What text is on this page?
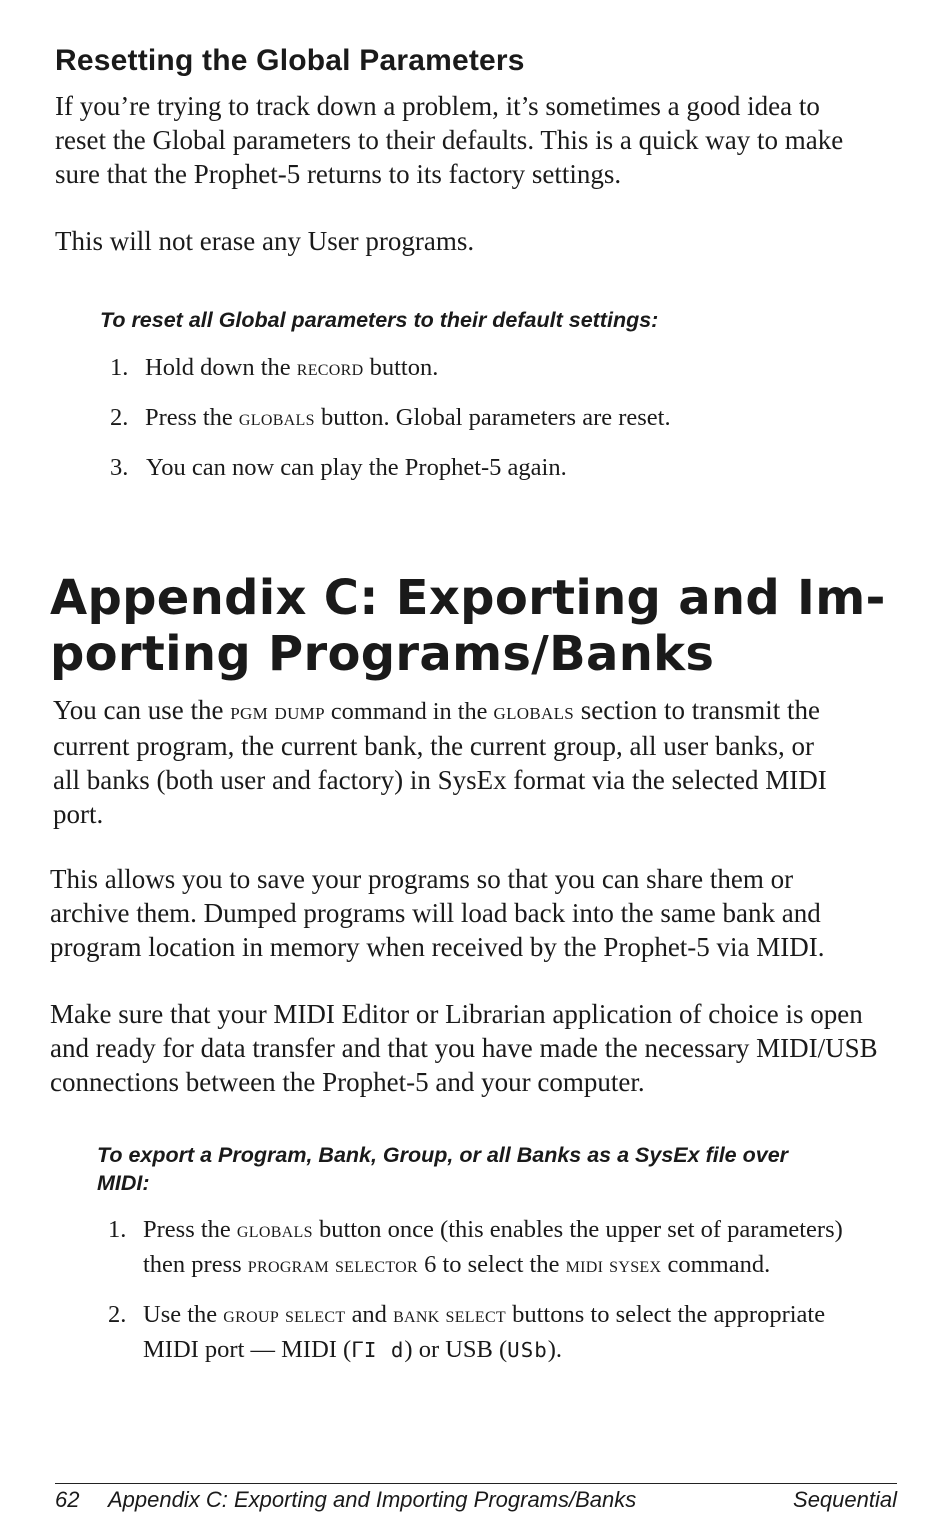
Resetting the Global Parameters
If you’re trying to track down a problem, it’s sometimes a good idea to
reset the Global parameters to their defaults. This is a quick way to make
sure that the Prophet-5 returns to its factory settings.
This will not erase any User programs.
To reset all Global parameters to their default settings:
1. Hold down the record button.
2. Press the globals button. Global parameters are reset.
3. You can now can play the Prophet-5 again.
Appendix C: Exporting and Im-
porting Programs/Banks
You can use the pgm dump command in the globals section to transmit the
current program, the current bank, the current group, all user banks, or
all banks (both user and factory) in SysEx format via the selected MIDI
port.
This allows you to save your programs so that you can share them or
archive them. Dumped programs will load back into the same bank and
program location in memory when received by the Prophet-5 via MIDI.
Make sure that your MIDI Editor or Librarian application of choice is open
and ready for data transfer and that you have made the necessary MIDI/USB
connections between the Prophet-5 and your computer.
To export a Program, Bank, Group, or all Banks as a SysEx file over
MIDI:
1. Press the globals button once (this enables the upper set of parameters)
then press program selector 6 to select the midi sysex command.
2. Use the group select and bank select buttons to select the appropriate
MIDI port — MIDI (ᒥ̄I d) or USB (USb).
62 Appendix C: Exporting and Importing Programs/Banks	Sequential
